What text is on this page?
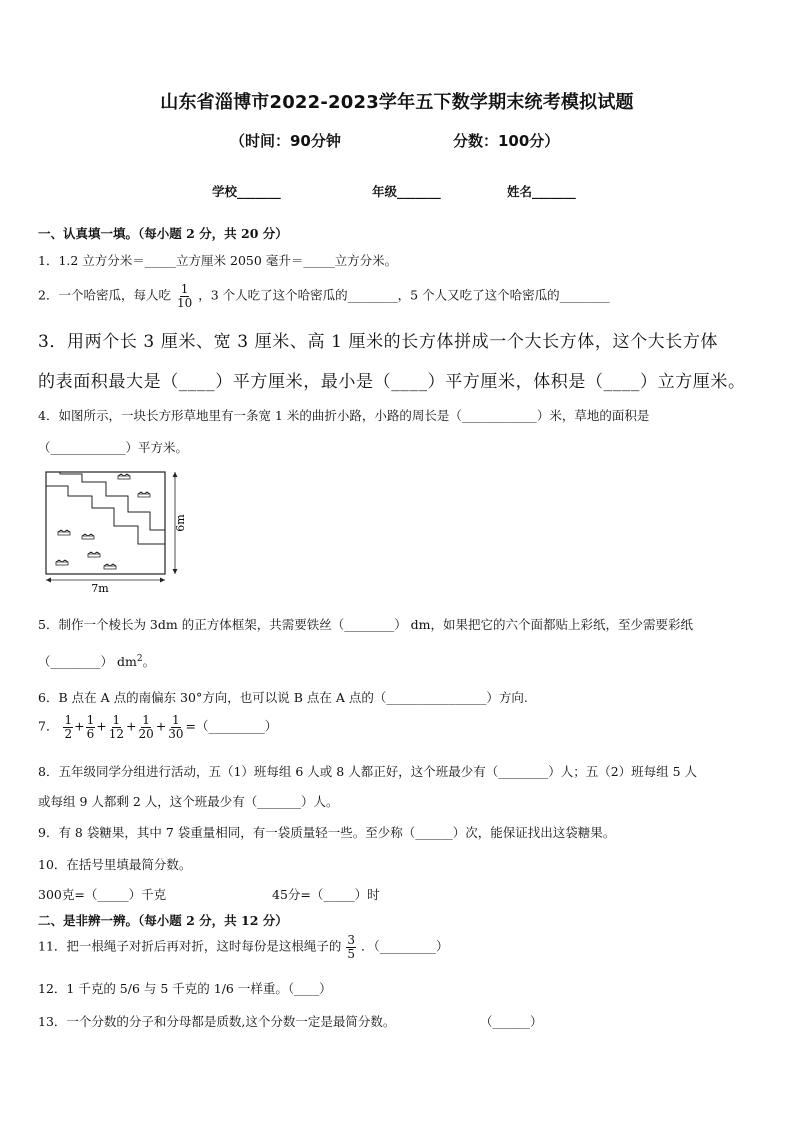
山东省淄博市2022-2023学年五下数学期末统考模拟试题
（时间：90分钟	分数：100分）
学校_______	年级_______	姓名_______
一、认真填一填。（每小题 2 分，共 20 分）
1．1.2 立方分米＝_____立方厘米 2050 毫升＝_____立方分米。
2．一个哈密瓜，每人吃 $\frac{1}{10}$ ，3 个人吃了这个哈密瓜的________，5 个人又吃了这个哈密瓜的________
3．用两个长 3 厘米、宽 3 厘米、高 1 厘米的长方体拼成一个大长方体，这个大长方体
的表面积最大是（____）平方厘米，最小是（____）平方厘米，体积是（____）立方厘米。
4．如图所示，一块长方形草地里有一条宽 1 米的曲折小路，小路的周长是（____________）米，草地的面积是
（____________）平方米。
7m
6m
5．制作一个棱长为 3dm 的正方体框架，共需要铁丝（________） dm，如果把它的六个面都贴上彩纸，至少需要彩纸
（________） $dm^2$。
6．B 点在 A 点的南偏东 30°方向，也可以说 B 点在 A 点的（________________）方向.
7． $\frac{1}{2} + \frac{1}{6} + \frac{1}{12} + \frac{1}{20} + \frac{1}{30}$ =（_________）
8．五年级同学分组进行活动，五（1）班每组 6 人或 8 人都正好，这个班最少有（________）人；五（2）班每组 5 人
或每组 9 人都剩 2 人，这个班最少有（_______）人。
9．有 8 袋糖果，其中 7 袋重量相同，有一袋质量轻一些。至少称（______）次，能保证找出这袋糖果。
10．在括号里填最简分数。
300克=（_____）千克	45分=（_____）时
二、是非辨一辨。（每小题 2 分，共 12 分）
11．把一根绳子对折后再对折，这时每份是这根绳子的 $\frac{3}{5}$ ．（_________）
12．1 千克的 5/6 与 5 千克的 1/6 一样重。（____）
13．一个分数的分子和分母都是质数,这个分数一定是最简分数。	（______）
